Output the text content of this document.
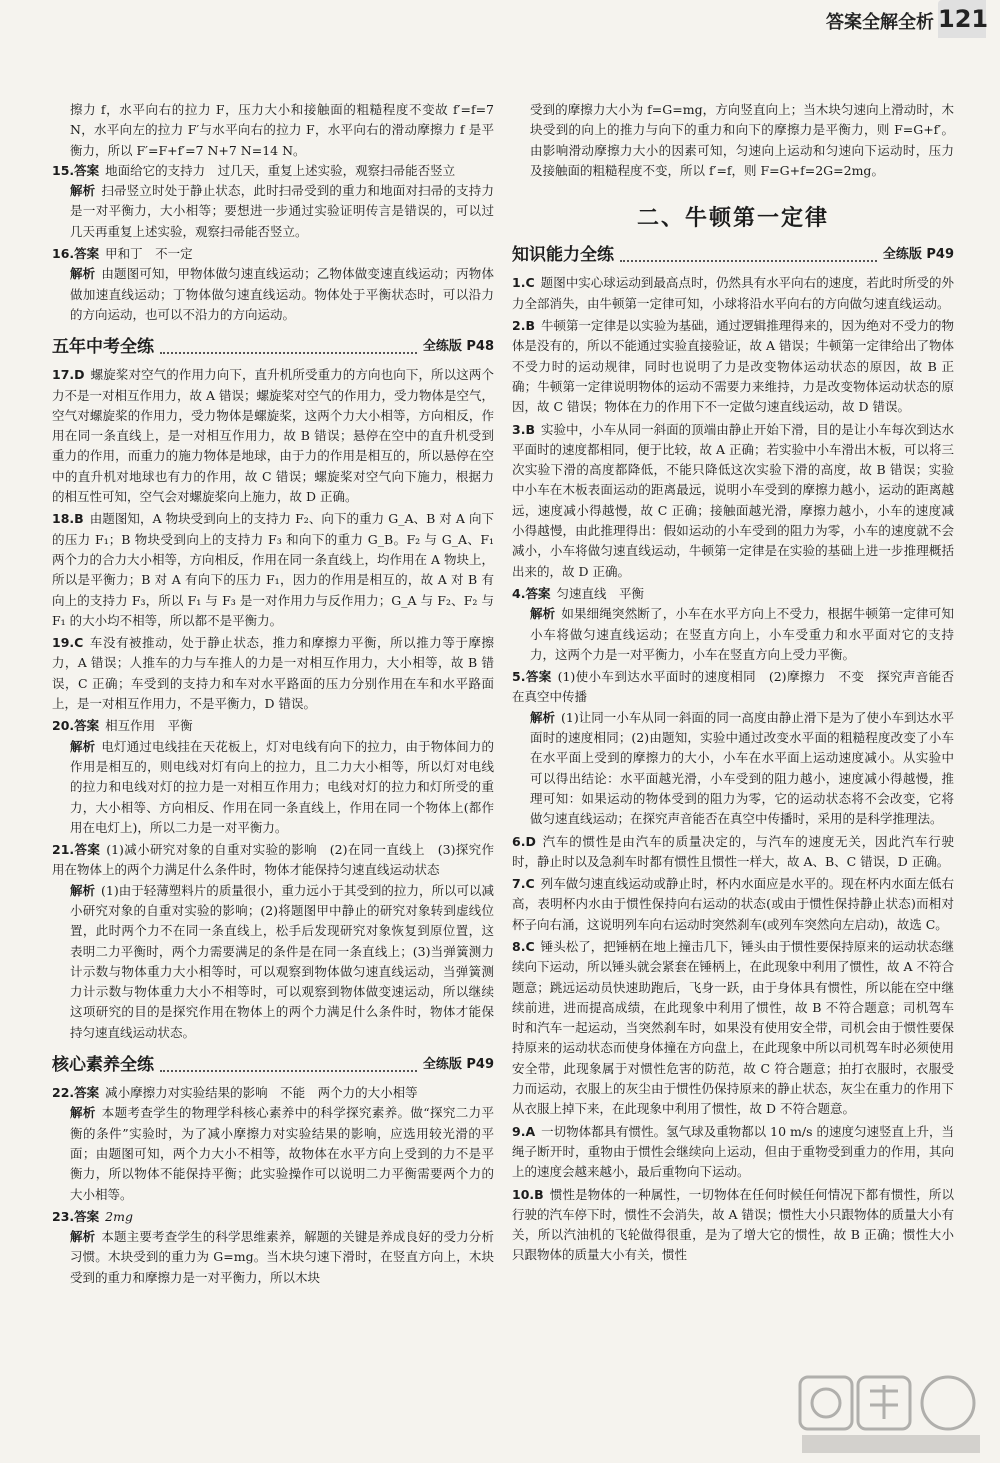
答案全解全析 121

擦力 f，水平向右的拉力 F，压力大小和接触面的粗糙程度不变故 f′=f=7 N，水平向左的拉力 F′与水平向右的拉力 F，水平向右的滑动摩擦力 f 是平衡力，所以 F′=F+f′=7 N+7 N=14 N。

15.答案 地面给它的支持力　过几天，重复上述实验，观察扫帚能否竖立

解析 扫帚竖立时处于静止状态，此时扫帚受到的重力和地面对扫帚的支持力是一对平衡力，大小相等；要想进一步通过实验证明传言是错误的，可以过几天再重复上述实验，观察扫帚能否竖立。

16.答案 甲和丁　不一定

解析 由题图可知，甲物体做匀速直线运动；乙物体做变速直线运动；丙物体做加速直线运动；丁物体做匀速直线运动。物体处于平衡状态时，可以沿力的方向运动，也可以不沿力的方向运动。

五年中考全练	全练版 P48

17.D 螺旋桨对空气的作用力向下，直升机所受重力的方向也向下，所以这两个力不是一对相互作用力，故 A 错误；螺旋桨对空气的作用力，受力物体是空气，空气对螺旋桨的作用力，受力物体是螺旋桨，这两个力大小相等，方向相反，作用在同一条直线上，是一对相互作用力，故 B 错误；悬停在空中的直升机受到重力的作用，而重力的施力物体是地球，由于力的作用是相互的，所以悬停在空中的直升机对地球也有力的作用，故 C 错误；螺旋桨对空气向下施力，根据力的相互性可知，空气会对螺旋桨向上施力，故 D 正确。

18.B 由题图知，A 物块受到向上的支持力 F₂、向下的重力 G_A、B 对 A 向下的压力 F₁；B 物块受到向上的支持力 F₃ 和向下的重力 G_B。F₂ 与 G_A、F₁ 两个力的合力大小相等，方向相反，作用在同一条直线上，均作用在 A 物块上，所以是平衡力；B 对 A 有向下的压力 F₁，因力的作用是相互的，故 A 对 B 有向上的支持力 F₃，所以 F₁ 与 F₃ 是一对作用力与反作用力；G_A 与 F₂、F₂ 与 F₁ 的大小均不相等，所以都不是平衡力。

19.C 车没有被推动，处于静止状态，推力和摩擦力平衡，所以推力等于摩擦力，A 错误；人推车的力与车推人的力是一对相互作用力，大小相等，故 B 错误，C 正确；车受到的支持力和车对水平路面的压力分别作用在车和水平路面上，是一对相互作用力，不是平衡力，D 错误。

20.答案 相互作用　平衡

解析 电灯通过电线挂在天花板上，灯对电线有向下的拉力，由于物体间力的作用是相互的，则电线对灯有向上的拉力，且二力大小相等，所以灯对电线的拉力和电线对灯的拉力是一对相互作用力；电线对灯的拉力和灯所受的重力，大小相等、方向相反、作用在同一条直线上，作用在同一个物体上(都作用在电灯上)，所以二力是一对平衡力。

21.答案 (1)减小研究对象的自重对实验的影响　(2)在同一直线上　(3)探究作用在物体上的两个力满足什么条件时，物体才能保持匀速直线运动状态

解析 (1)由于轻薄塑料片的质量很小，重力远小于其受到的拉力，所以可以减小研究对象的自重对实验的影响；(2)将题图甲中静止的研究对象转到虚线位置，此时两个力不在同一条直线上，松手后发现研究对象恢复到原位置，这表明二力平衡时，两个力需要满足的条件是在同一条直线上；(3)当弹簧测力计示数与物体重力大小相等时，可以观察到物体做匀速直线运动，当弹簧测力计示数与物体重力大小不相等时，可以观察到物体做变速运动，所以继续这项研究的目的是探究作用在物体上的两个力满足什么条件时，物体才能保持匀速直线运动状态。

核心素养全练	全练版 P49

22.答案 减小摩擦力对实验结果的影响　不能　两个力的大小相等

解析 本题考查学生的物理学科核心素养中的科学探究素养。做“探究二力平衡的条件”实验时，为了减小摩擦力对实验结果的影响，应选用较光滑的平面；由题图可知，两个力大小不相等，故物体在水平方向上受到的力不是平衡力，所以物体不能保持平衡；此实验操作可以说明二力平衡需要两个力的大小相等。

23.答案 2mg

解析 本题主要考查学生的科学思维素养，解题的关键是养成良好的受力分析习惯。木块受到的重力为 G=mg。当木块匀速下滑时，在竖直方向上，木块受到的重力和摩擦力是一对平衡力，所以木块

受到的摩擦力大小为 f=G=mg，方向竖直向上；当木块匀速向上滑动时，木块受到的向上的推力与向下的重力和向下的摩擦力是平衡力，则 F=G+f′。由影响滑动摩擦力大小的因素可知，匀速向上运动和匀速向下运动时，压力及接触面的粗糙程度不变，所以 f′=f，则 F=G+f=2G=2mg。

二、牛顿第一定律
知识能力全练	全练版 P49

1.C 题图中实心球运动到最高点时，仍然具有水平向右的速度，若此时所受的外力全部消失，由牛顿第一定律可知，小球将沿水平向右的方向做匀速直线运动。

2.B 牛顿第一定律是以实验为基础，通过逻辑推理得来的，因为绝对不受力的物体是没有的，所以不能通过实验直接验证，故 A 错误；牛顿第一定律给出了物体不受力时的运动规律，同时也说明了力是改变物体运动状态的原因，故 B 正确；牛顿第一定律说明物体的运动不需要力来维持，力是改变物体运动状态的原因，故 C 错误；物体在力的作用下不一定做匀速直线运动，故 D 错误。

3.B 实验中，小车从同一斜面的顶端由静止开始下滑，目的是让小车每次到达水平面时的速度都相同，便于比较，故 A 正确；若实验中小车滑出木板，可以将三次实验下滑的高度都降低，不能只降低这次实验下滑的高度，故 B 错误；实验中小车在木板表面运动的距离最远，说明小车受到的摩擦力越小，运动的距离越远，速度减小得越慢，故 C 正确；接触面越光滑，摩擦力越小，小车的速度减小得越慢，由此推理得出：假如运动的小车受到的阻力为零，小车的速度就不会减小，小车将做匀速直线运动，牛顿第一定律是在实验的基础上进一步推理概括出来的，故 D 正确。

4.答案 匀速直线　平衡

解析 如果细绳突然断了，小车在水平方向上不受力，根据牛顿第一定律可知小车将做匀速直线运动；在竖直方向上，小车受重力和水平面对它的支持力，这两个力是一对平衡力，小车在竖直方向上受力平衡。

5.答案 (1)使小车到达水平面时的速度相同　(2)摩擦力　不变　探究声音能否在真空中传播

解析 (1)让同一小车从同一斜面的同一高度由静止滑下是为了使小车到达水平面时的速度相同；(2)由题知，实验中通过改变水平面的粗糙程度改变了小车在水平面上受到的摩擦力的大小，小车在水平面上运动速度减小。从实验中可以得出结论：水平面越光滑，小车受到的阻力越小，速度减小得越慢，推理可知：如果运动的物体受到的阻力为零，它的运动状态将不会改变，它将做匀速直线运动；在探究声音能否在真空中传播时，采用的是科学推理法。

6.D 汽车的惯性是由汽车的质量决定的，与汽车的速度无关，因此汽车行驶时，静止时以及急刹车时都有惯性且惯性一样大，故 A、B、C 错误，D 正确。

7.C 列车做匀速直线运动或静止时，杯内水面应是水平的。现在杯内水面左低右高，表明杯内水由于惯性保持向右运动的状态(或由于惯性保持静止状态)而相对杯子向右涌，这说明列车向右运动时突然刹车(或列车突然向左启动)，故选 C。

8.C 锤头松了，把锤柄在地上撞击几下，锤头由于惯性要保持原来的运动状态继续向下运动，所以锤头就会紧套在锤柄上，在此现象中利用了惯性，故 A 不符合题意；跳远运动员快速助跑后，飞身一跃，由于身体具有惯性，所以能在空中继续前进，进而提高成绩，在此现象中利用了惯性，故 B 不符合题意；司机驾车时和汽车一起运动，当突然刹车时，如果没有使用安全带，司机会由于惯性要保持原来的运动状态而使身体撞在方向盘上，在此现象中所以司机驾车时必须使用安全带，此现象属于对惯性危害的防范，故 C 符合题意；拍打衣服时，衣服受力而运动，衣服上的灰尘由于惯性仍保持原来的静止状态，灰尘在重力的作用下从衣服上掉下来，在此现象中利用了惯性，故 D 不符合题意。

9.A 一切物体都具有惯性。氢气球及重物都以 10 m/s 的速度匀速竖直上升，当绳子断开时，重物由于惯性会继续向上运动，但由于重物受到重力的作用，其向上的速度会越来越小，最后重物向下运动。

10.B 惯性是物体的一种属性，一切物体在任何时候任何情况下都有惯性，所以行驶的汽车停下时，惯性不会消失，故 A 错误；惯性大小只跟物体的质量大小有关，所以汽油机的飞轮做得很重，是为了增大它的惯性，故 B 正确；惯性大小只跟物体的质量大小有关，惯性
